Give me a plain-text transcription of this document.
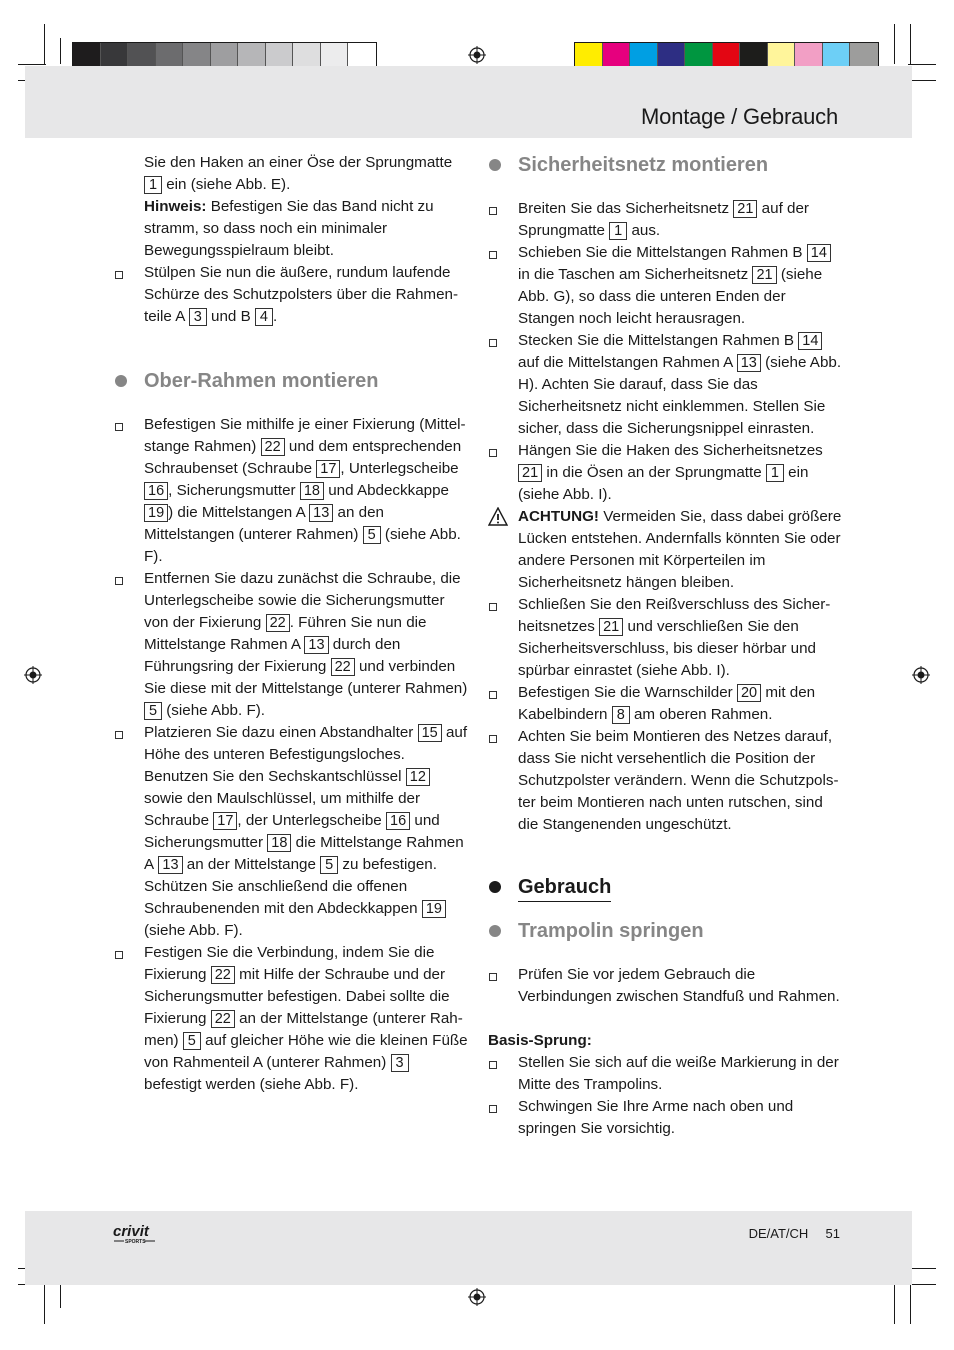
Montage / Gebrauch
Sie den Haken an einer Öse der Sprungmatte 1 ein (siehe Abb. E).
Hinweis: Befestigen Sie das Band nicht zu stramm, so dass noch ein minimaler Bewegungsspielraum bleibt.
Stülpen Sie nun die äußere, rundum laufende Schürze des Schutzpolsters über die Rahmenteile A 3 und B 4 .
Ober-Rahmen montieren
Befestigen Sie mithilfe je einer Fixierung (Mittelstange Rahmen) 22 und dem entsprechenden Schraubenset (Schraube 17 , Unterlegscheibe 16 , Sicherungsmutter 18 und Abdeckkappe 19 ) die Mittelstangen A 13 an den Mittelstangen (unterer Rahmen) 5 (siehe Abb. F).
Entfernen Sie dazu zunächst die Schraube, die Unterlegscheibe sowie die Sicherungsmutter von der Fixierung 22 . Führen Sie nun die Mittelstange Rahmen A 13 durch den Führungsring der Fixierung 22 und verbinden Sie diese mit der Mittelstange (unterer Rahmen) 5 (siehe Abb. F).
Platzieren Sie dazu einen Abstandhalter 15 auf Höhe des unteren Befestigungsloches. Benutzen Sie den Sechskantschlüssel 12 sowie den Maulschlüssel, um mithilfe der Schraube 17 , der Unterlegscheibe 16 und Sicherungsmutter 18 die Mittelstange Rahmen A 13 an der Mittelstange 5 zu befestigen. Schützen Sie anschließend die offenen Schraubenenden mit den Abdeckkappen 19 (siehe Abb. F).
Festigen Sie die Verbindung, indem Sie die Fixierung 22 mit Hilfe der Schraube und der Sicherungsmutter befestigen. Dabei sollte die Fixierung 22 an der Mittelstange (unterer Rahmen) 5 auf gleicher Höhe wie die kleinen Füße von Rahmenteil A (unterer Rahmen) 3 befestigt werden (siehe Abb. F).
Sicherheitsnetz montieren
Breiten Sie das Sicherheitsnetz 21 auf der Sprungmatte 1 aus.
Schieben Sie die Mittelstangen Rahmen B 14 in die Taschen am Sicherheitsnetz 21 (siehe Abb. G), so dass die unteren Enden der Stangen noch leicht herausragen.
Stecken Sie die Mittelstangen Rahmen B 14 auf die Mittelstangen Rahmen A 13 (siehe Abb. H). Achten Sie darauf, dass Sie das Sicherheitsnetz nicht einklemmen. Stellen Sie sicher, dass die Sicherungsnippel einrasten.
Hängen Sie die Haken des Sicherheitsnetzes 21 in die Ösen an der Sprungmatte 1 ein (siehe Abb. I).
ACHTUNG! Vermeiden Sie, dass dabei größere Lücken entstehen. Andernfalls könnten Sie oder andere Personen mit Körperteilen im Sicherheitsnetz hängen bleiben.
Schließen Sie den Reißverschluss des Sicherheitsnetzes 21 und verschließen Sie den Sicherheitsverschluss, bis dieser hörbar und spürbar einrastet (siehe Abb. I).
Befestigen Sie die Warnschilder 20 mit den Kabelbindern 8 am oberen Rahmen.
Achten Sie beim Montieren des Netzes darauf, dass Sie nicht versehentlich die Position der Schutzpolster verändern. Wenn die Schutzpolster beim Montieren nach unten rutschen, sind die Stangenenden ungeschützt.
Gebrauch
Trampolin springen
Prüfen Sie vor jedem Gebrauch die Verbindungen zwischen Standfuß und Rahmen.
Basis-Sprung:
Stellen Sie sich auf die weiße Markierung in der Mitte des Trampolins.
Schwingen Sie Ihre Arme nach oben und springen Sie vorsichtig.
crivit
SPORTS
DE/AT/CH 51
